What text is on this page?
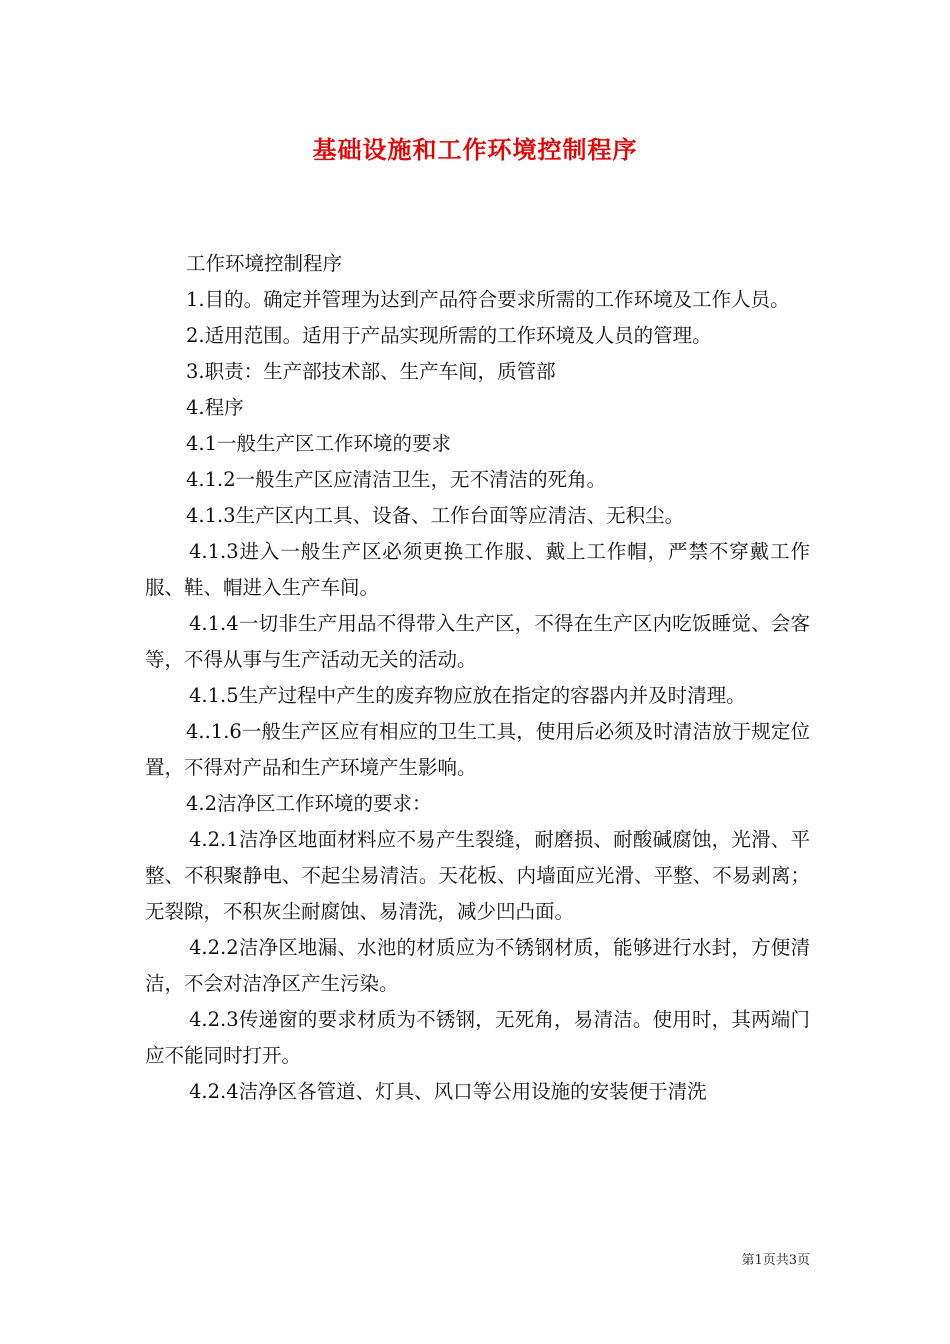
基础设施和工作环境控制程序

工作环境控制程序

1.目的。确定并管理为达到产品符合要求所需的工作环境及工作人员。

2.适用范围。适用于产品实现所需的工作环境及人员的管理。

3.职责：生产部技术部、生产车间，质管部

4.程序

4.1一般生产区工作环境的要求

4.1.2一般生产区应清洁卫生，无不清洁的死角。

4.1.3生产区内工具、设备、工作台面等应清洁、无积尘。

4.1.3进入一般生产区必须更换工作服、戴上工作帽，严禁不穿戴工作服、鞋、帽进入生产车间。

4.1.4一切非生产用品不得带入生产区，不得在生产区内吃饭睡觉、会客等，不得从事与生产活动无关的活动。

4.1.5生产过程中产生的废弃物应放在指定的容器内并及时清理。

4..1.6一般生产区应有相应的卫生工具，使用后必须及时清洁放于规定位置，不得对产品和生产环境产生影响。

4.2洁净区工作环境的要求：

4.2.1洁净区地面材料应不易产生裂缝，耐磨损、耐酸碱腐蚀，光滑、平整、不积聚静电、不起尘易清洁。天花板、内墙面应光滑、平整、不易剥离；无裂隙，不积灰尘耐腐蚀、易清洗，减少凹凸面。

4.2.2洁净区地漏、水池的材质应为不锈钢材质，能够进行水封，方便清洁，不会对洁净区产生污染。

4.2.3传递窗的要求材质为不锈钢，无死角，易清洁。使用时，其两端门应不能同时打开。

4.2.4洁净区各管道、灯具、风口等公用设施的安装便于清洗

第1页共3页
